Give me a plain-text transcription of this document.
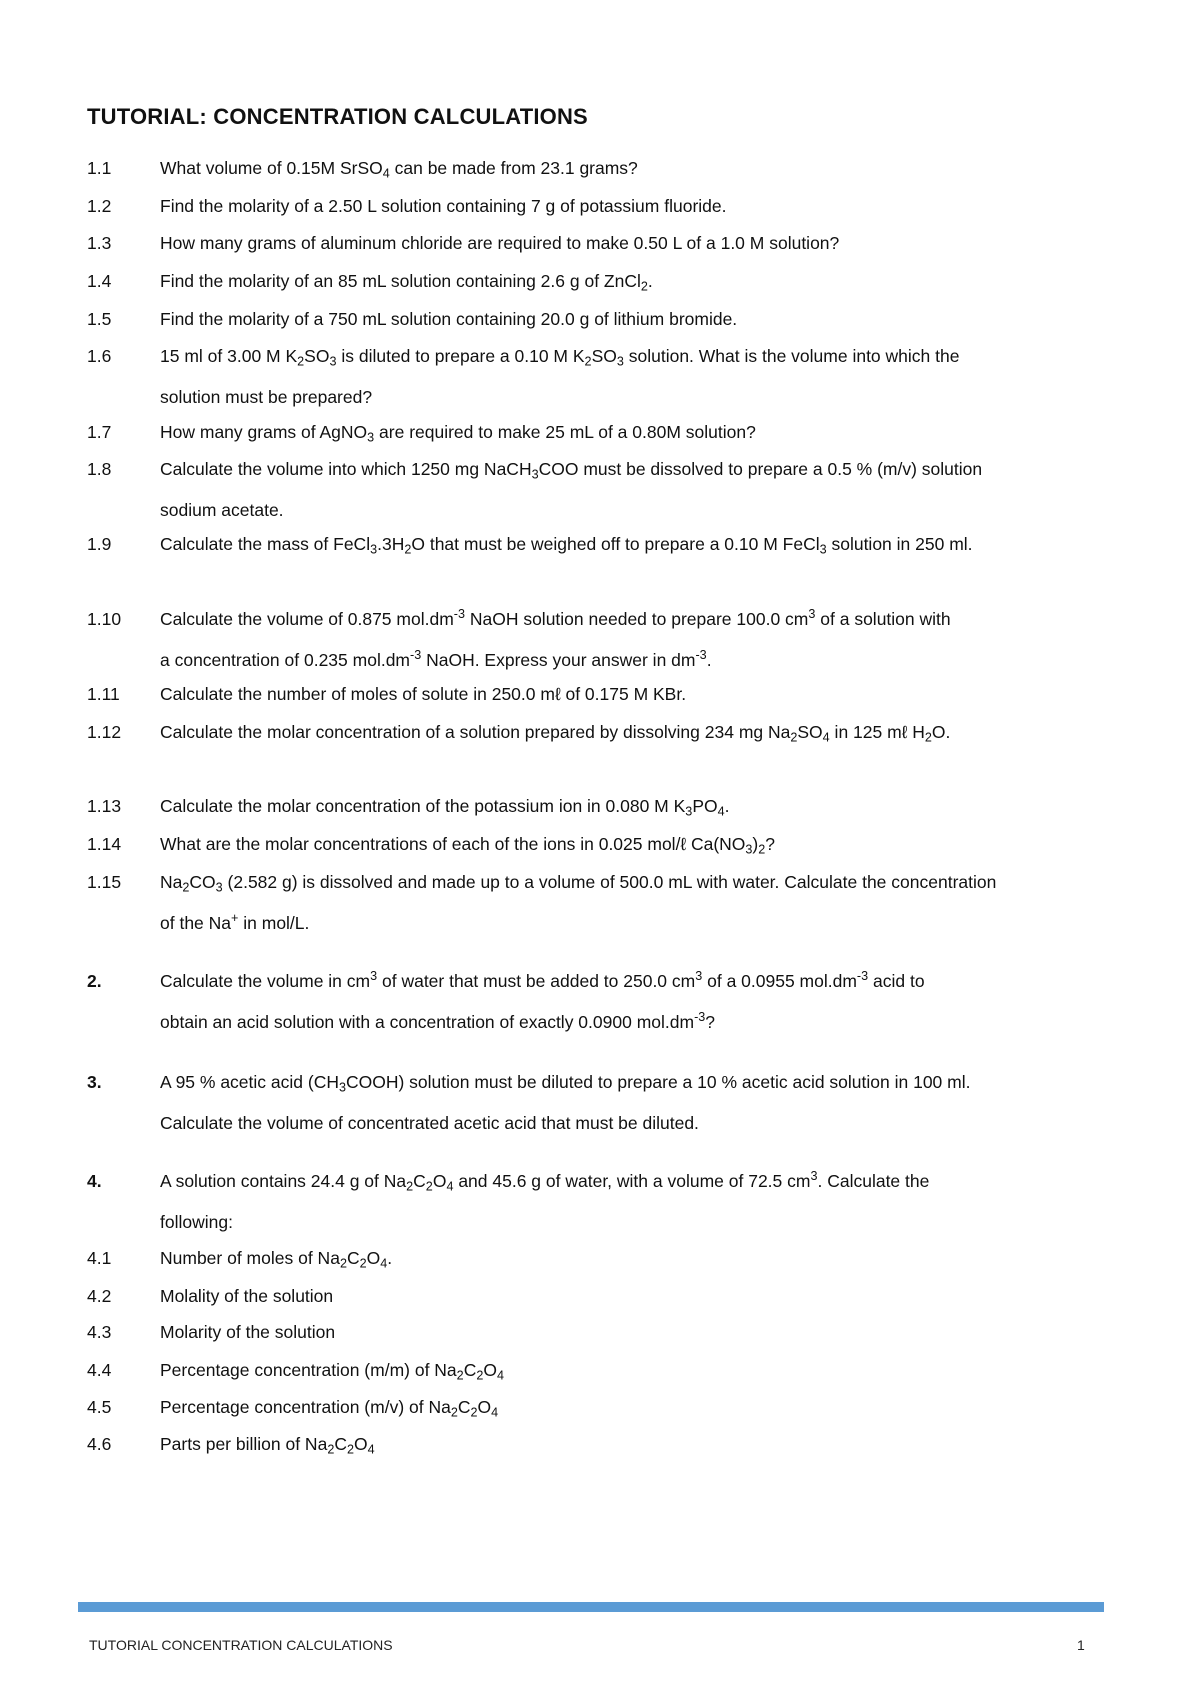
TUTORIAL: CONCENTRATION CALCULATIONS
1.1	What volume of 0.15M SrSO$_4$ can be made from 23.1 grams?
1.2	Find the molarity of a 2.50 L solution containing 7 g of potassium fluoride.
1.3	How many grams of aluminum chloride are required to make 0.50 L of a 1.0 M solution?
1.4	Find the molarity of an 85 mL solution containing 2.6 g of ZnCl$_2$.
1.5	Find the molarity of a 750 mL solution containing 20.0 g of lithium bromide.
1.6	15 ml of 3.00 M $K_2SO_3$ is diluted to prepare a 0.10 M $K_2SO_3$ solution. What is the volume into which the
solution must be prepared?
1.7	How many grams of AgNO$_3$ are required to make 25 mL of a 0.80M solution?
1.8	Calculate the volume into which 1250 mg NaCH$_3$COO must be dissolved to prepare a 0.5 % (m/v) solution
sodium acetate.
1.9	Calculate the mass of $FeCl_3.3H_2O$ that must be weighed off to prepare a 0.10 M FeCl$_3$ solution in 250 ml.
1.10 Calculate the volume of 0.875 $mol.dm^{-3}$ NaOH solution needed to prepare 100.0 $cm^3$ of a solution with
a concentration of 0.235 $mol.dm^{-3}$ NaOH. Express your answer in $dm^{-3}$.
1.11 Calculate the number of moles of solute in 250.0 mℓ of 0.175 M KBr.
1.12 Calculate the molar concentration of a solution prepared by dissolving 234 mg $Na_2SO_4$ in 125 mℓ $H_2O$.
1.13 Calculate the molar concentration of the potassium ion in 0.080 M $K_3PO_4$.
1.14 What are the molar concentrations of each of the ions in 0.025 mol/ℓ $Ca(NO_3)_2$?
1.15 $Na_2CO_3$ (2.582 g) is dissolved and made up to a volume of 500.0 mL with water. Calculate the concentration
of the Na+ in mol/L.
2.	Calculate the volume in $cm^3$ of water that must be added to 250.0 $cm^3$ of a 0.0955 $mol.dm^{-3}$ acid to
obtain an acid solution with a concentration of exactly 0.0900 $mol.dm^{-3}$?
3.	A 95 % acetic acid $(CH_3COOH)$ solution must be diluted to prepare a 10 % acetic acid solution in 100 ml.
Calculate the volume of concentrated acetic acid that must be diluted.
4.	A solution contains 24.4 g of $Na_2C_2O_4$ and 45.6 g of water, with a volume of 72.5 $cm^3$. Calculate the
following:
4.1	Number of moles of $Na_2C_2O_4$.
4.2	Molality of the solution
4.3	Molarity of the solution
4.4	Percentage concentration (m/m) of $Na_2C_2O_4$
4.5	Percentage concentration (m/v) of $Na_2C_2O_4$
4.6	Parts per billion of $Na_2C_2O_4$
TUTORIAL CONCENTRATION CALCULATIONS	1
